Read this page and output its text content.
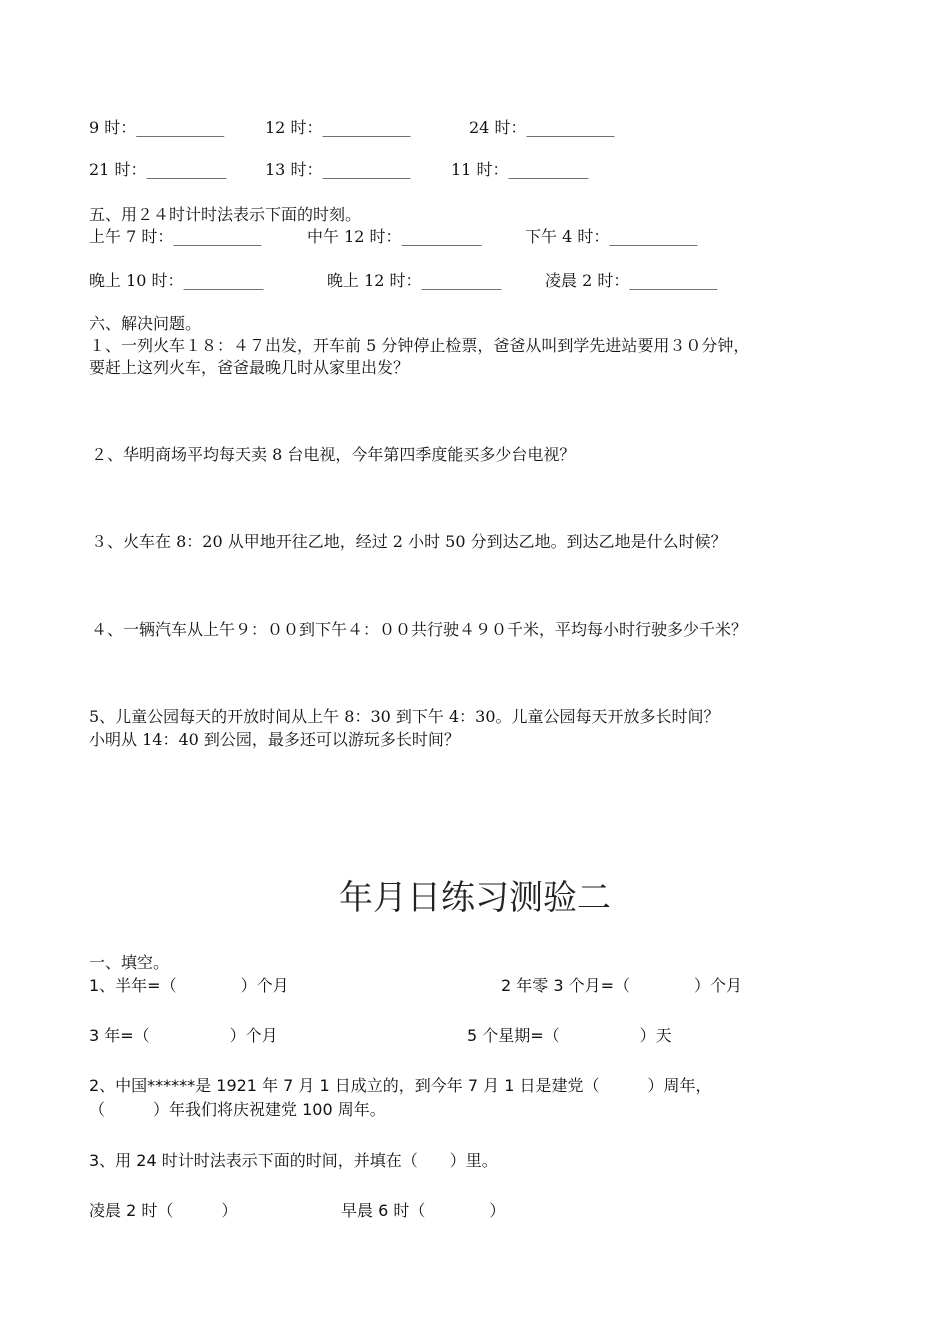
9 时：___________	12 时：___________	24 时：___________
21 时：__________ 13 时：___________	11 时：__________
五、用２４时计时法表示下面的时刻。
上午 7 时：___________	中午 12 时：__________	下午 4 时：___________
晚上 10 时：__________	晚上 12 时：__________	凌晨 2 时：___________
六、解决问题。
１、一列火车１８：４７出发，开车前 5 分钟停止检票，爸爸从叫到学先进站要用３０分钟，
要赶上这列火车，爸爸最晚几时从家里出发？
２、华明商场平均每天卖 8 台电视，今年第四季度能买多少台电视？
３、火车在 8：20 从甲地开往乙地，经过 2 小时 50 分到达乙地。到达乙地是什么时候？
４、一辆汽车从上午９：００到下午４：００共行驶４９０千米，平均每小时行驶多少千米？
5、儿童公园每天的开放时间从上午 8：30 到下午 4：30。儿童公园每天开放多长时间？
小明从 14：40 到公园，最多还可以游玩多长时间？
年月日练习测验二
一、填空。
1、半年=（　　　　）个月	2 年零 3 个月=（　　　　）个月
3 年=（　　　　　）个月	5 个星期=（　　　　　）天
2、中国******是 1921 年 7 月 1 日成立的，到今年 7 月 1 日是建党（　　　）周年，
（　　　）年我们将庆祝建党 100 周年。
3、用 24 时计时法表示下面的时间，并填在（　　）里。
凌晨 2 时（　　　）	早晨 6 时（　　　　）
